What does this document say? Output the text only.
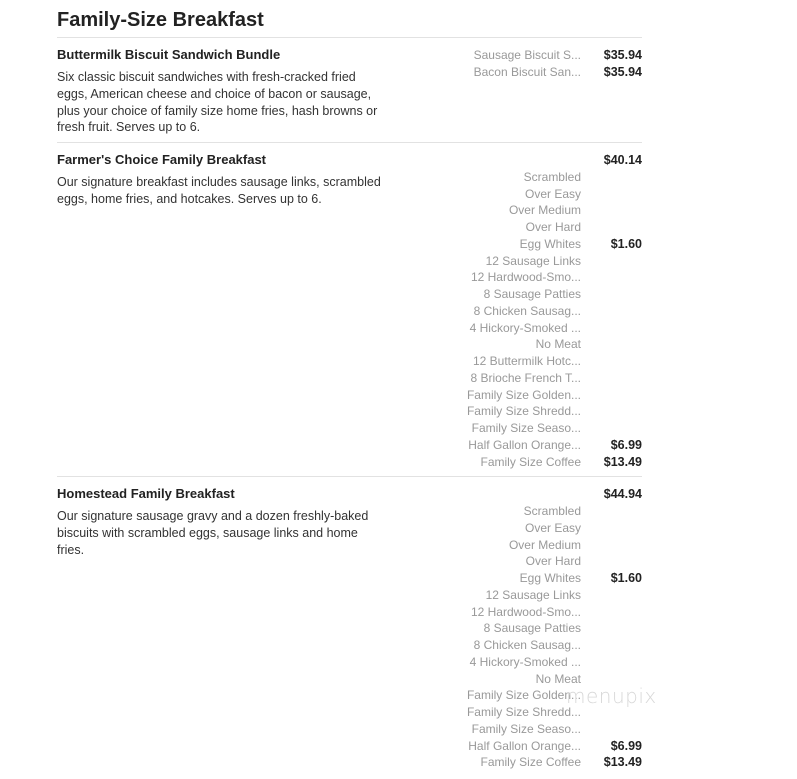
Family-Size Breakfast
Buttermilk Biscuit Sandwich Bundle
Six classic biscuit sandwiches with fresh-cracked fried eggs, American cheese and choice of bacon or sausage, plus your choice of family size home fries, hash browns or fresh fruit. Serves up to 6.
Sausage Biscuit S...	$35.94
Bacon Biscuit San...	$35.94
Farmer's Choice Family Breakfast
Our signature breakfast includes sausage links, scrambled eggs, home fries, and hotcakes. Serves up to 6.
$40.14
Scrambled
Over Easy
Over Medium
Over Hard
Egg Whites	$1.60
12 Sausage Links
12 Hardwood-Smo...
8 Sausage Patties
8 Chicken Sausag...
4 Hickory-Smoked ...
No Meat
12 Buttermilk Hotc...
8 Brioche French T...
Family Size Golden...
Family Size Shredd...
Family Size Seaso...
Half Gallon Orange...	$6.99
Family Size Coffee	$13.49
Homestead Family Breakfast
Our signature sausage gravy and a dozen freshly-baked biscuits with scrambled eggs, sausage links and home fries.
$44.94
Scrambled
Over Easy
Over Medium
Over Hard
Egg Whites	$1.60
12 Sausage Links
12 Hardwood-Smo...
8 Sausage Patties
8 Chicken Sausag...
4 Hickory-Smoked ...
No Meat
Family Size Golden...
Family Size Shredd...
Family Size Seaso...
Half Gallon Orange...	$6.99
Family Size Coffee	$13.49
menupix
